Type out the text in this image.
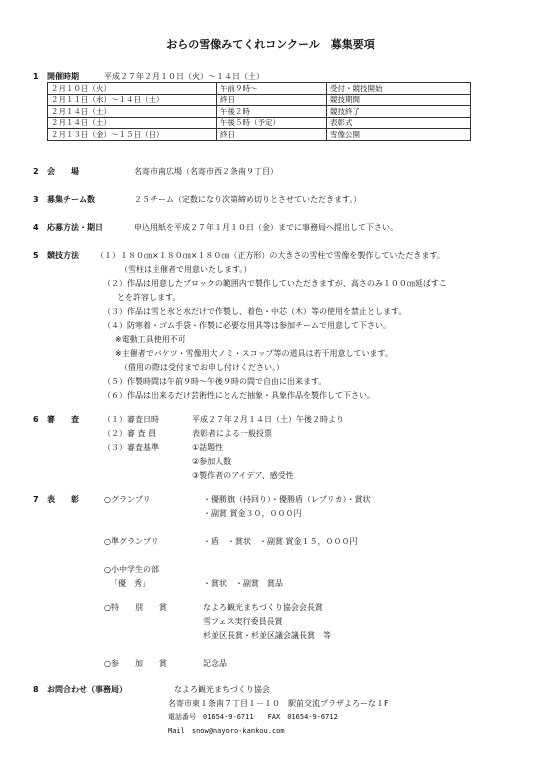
おらの雪像みてくれコンクール　募集要項
1 開催時期	平成２７年２月１０日（火）～１４日（土）
２月１０日（火）	午前９時～	受付・競技開始
２月１１日（水）～１４日（土）	終日	競技期間
２月１４日（土）	午後２時	競技終了
２月１４日（土）	午後５時（予定）	表彰式
２月１３日（金）～１５日（日）	終日	雪像公開
2 会　　場	名寄市南広場（名寄市西２条南９丁目）
3 募集チーム数	２５チーム（定数になり次第締め切りとさせていただきます。）
4 応募方法・期日	申込用紙を平成２７年１月１０日（金）までに事務局へ提出して下さい。
5 競技方法 （１）１８０㎝×１８０㎝×１８０㎝（正方形）の大きさの雪柱で雪像を製作していただきます。
（雪柱は主催者で用意いたします。）
（２）作品は用意したブロックの範囲内で製作していただきますが、高さのみ１００㎝延ばすこ
とを許容します。
（３）作品は雪と氷と水だけで作製し、着色・中芯（木）等の使用を禁止とします。
（４）防寒着・ゴム手袋・作製に必要な用具等は参加チームで用意して下さい。
※電動工具使用不可
※主催者でバケツ・雪像用大ノミ・スコップ等の道具は若干用意しています。
（借用の際は受付までお申し付けください。）
（５）作製時間は午前９時～午後９時の間で自由に出来ます。
（６）作品は出来るだけ芸術性にとんだ抽象・具象作品を製作して下さい。
6 審　　査	（１）審査日時	平成２７年２月１４日（土）午後２時より
（２）審 査 員	表彰者による一般投票
（３）審査基準	①話題性
②参加人数
③製作者のアイデア、感受性
7 表　　彰	○グランプリ	・優勝旗（持回り）・優勝盾（レプリカ）・賞状
・副賞 賞金３０，０００円
○準グランプリ	・盾　・賞状　・副賞 賞金１５，０００円
○小中学生の部
「優　秀」	・賞状　・副賞　賞品
○特　　別　　賞	なよろ観光まちづくり協会会長賞
雪フェス実行委員長賞
杉並区長賞・杉並区議会議長賞　等
○参　　加　　賞	記念品
8 お問合わせ（事務局）	なよろ観光まちづくり協会
名寄市東１条南７丁目１－１０　駅前交流プラザよろーな１F
電話番号　01654-9-6711　　FAX　01654-9-6712
Mail　snow@nayoro-kankou.com
